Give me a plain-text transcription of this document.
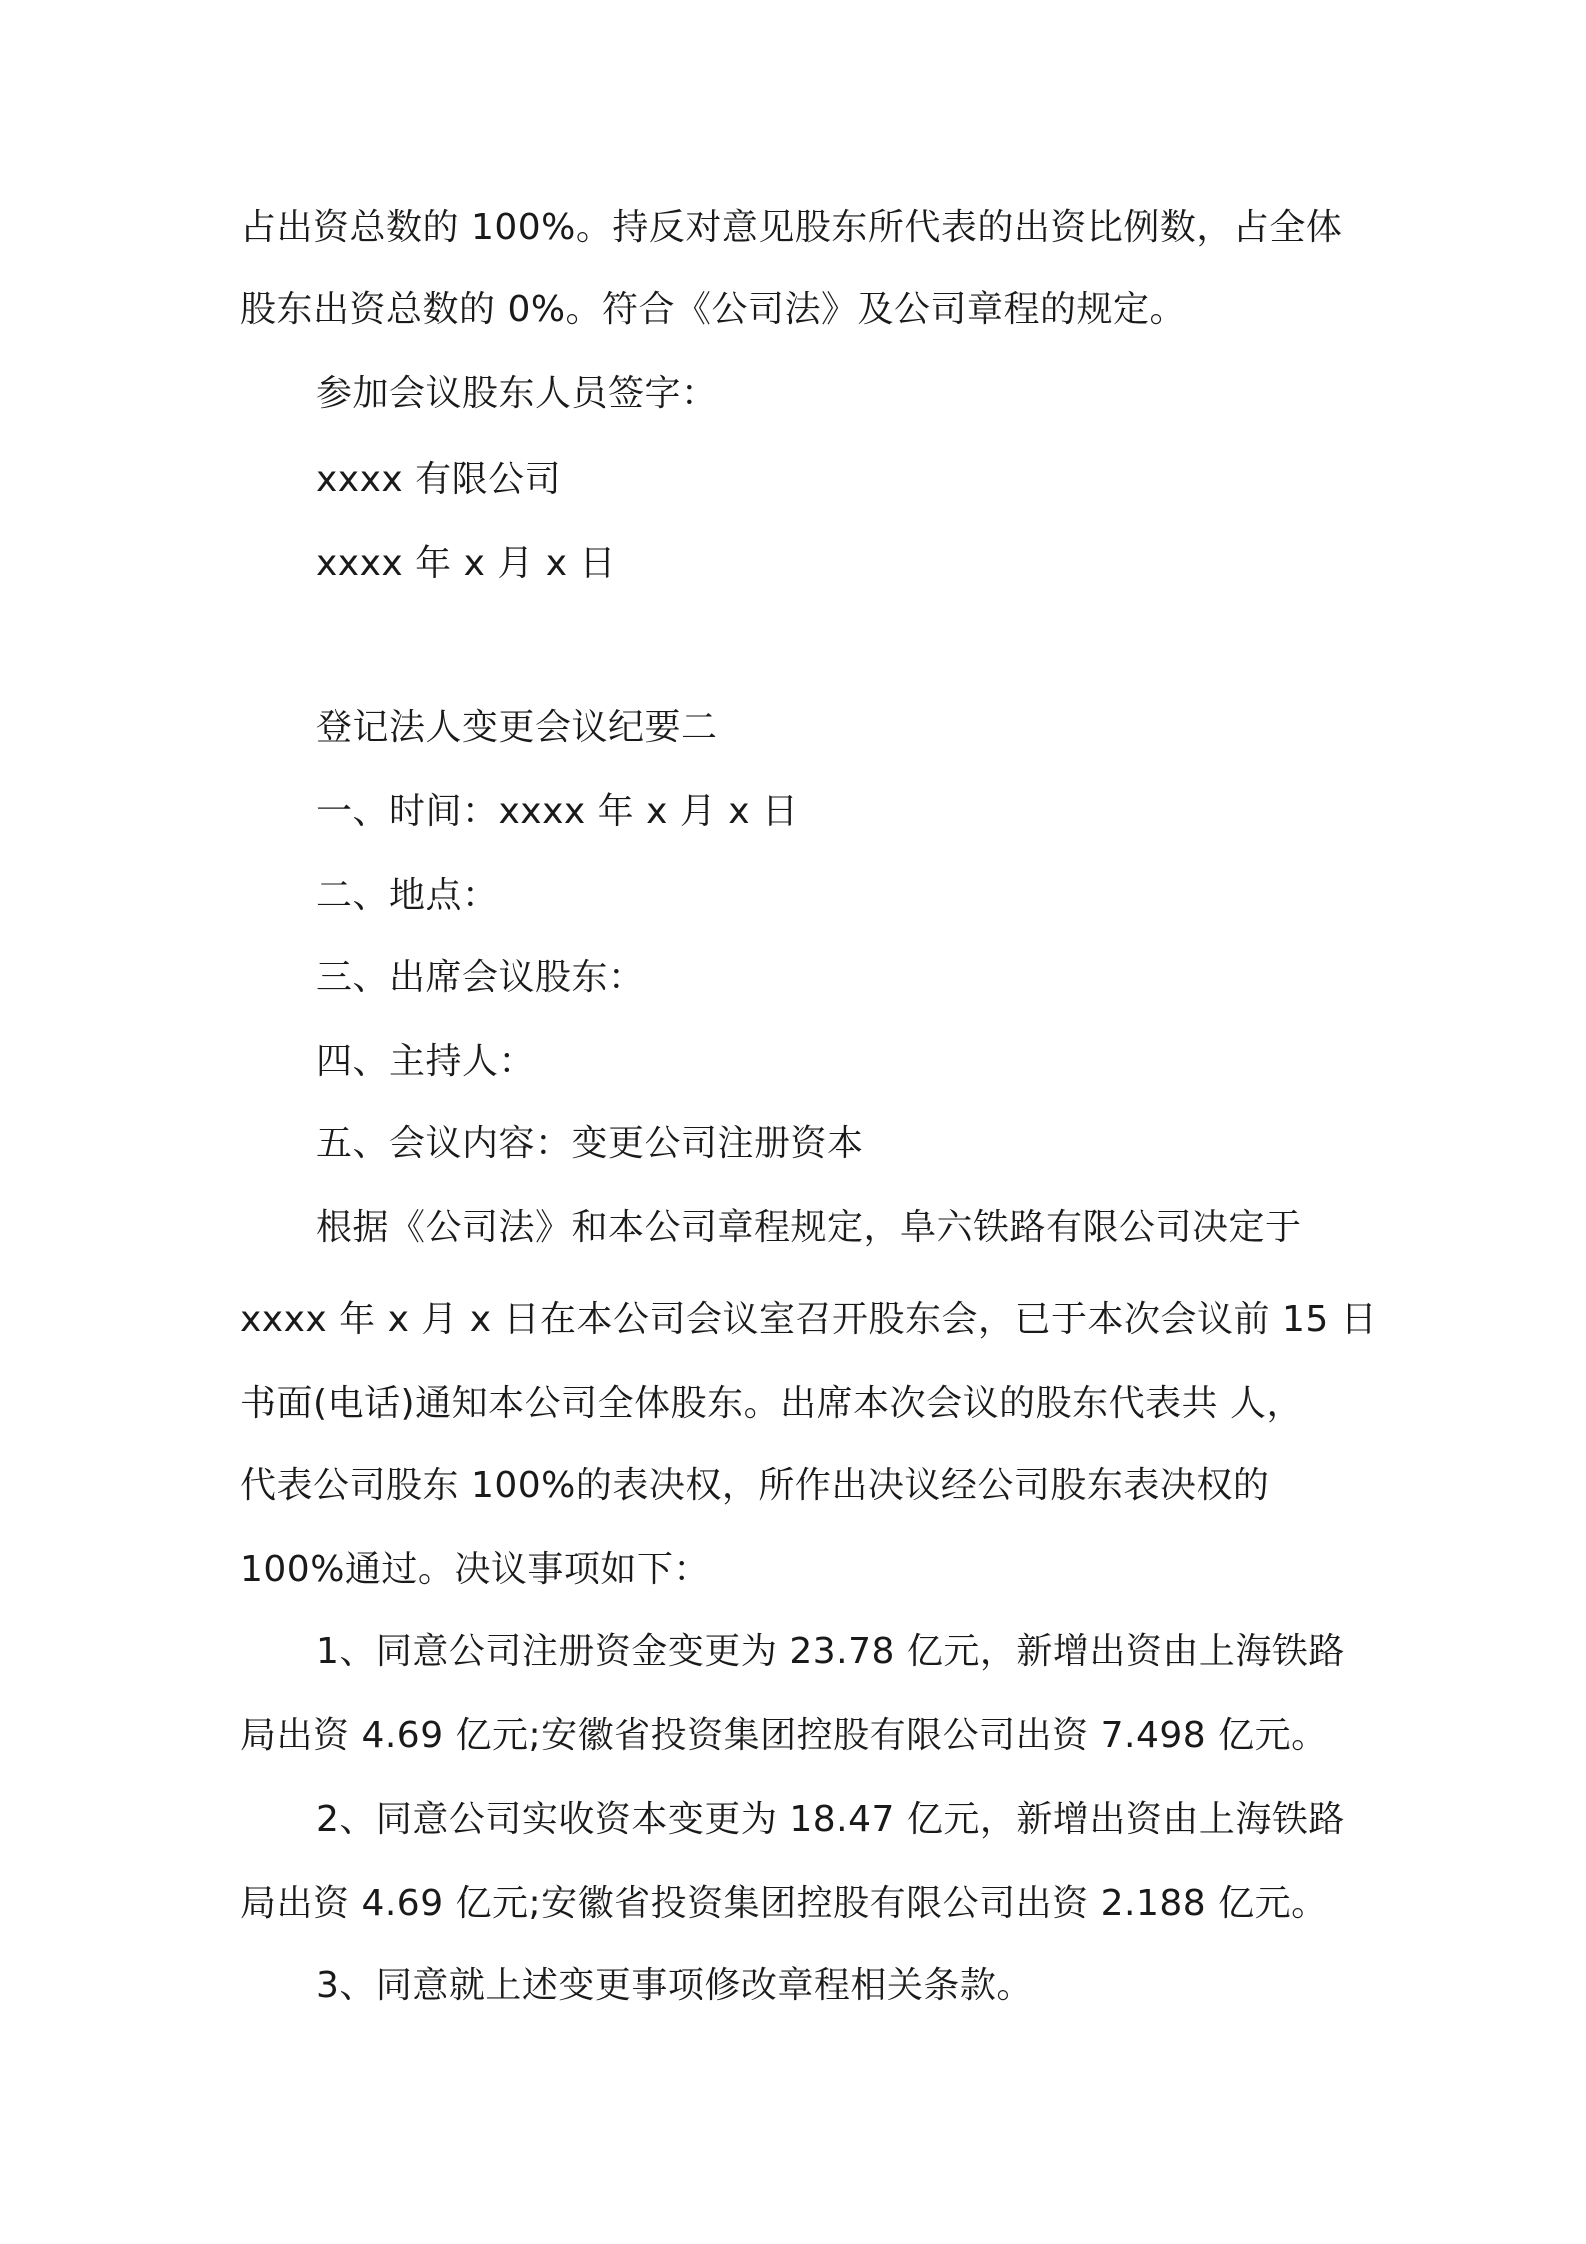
占出资总数的 100%。持反对意见股东所代表的出资比例数，占全体
股东出资总数的 0%。符合《公司法》及公司章程的规定。
参加会议股东人员签字：
xxxx 有限公司
xxxx 年 x 月 x 日
登记法人变更会议纪要二
一、时间：xxxx 年 x 月 x 日
二、地点：
三、出席会议股东：
四、主持人：
五、会议内容：变更公司注册资本
根据《公司法》和本公司章程规定，阜六铁路有限公司决定于
xxxx 年 x 月 x 日在本公司会议室召开股东会，已于本次会议前 15 日
书面(电话)通知本公司全体股东。出席本次会议的股东代表共 人，
代表公司股东 100%的表决权，所作出决议经公司股东表决权的
100%通过。决议事项如下：
1、同意公司注册资金变更为 23.78 亿元，新增出资由上海铁路
局出资 4.69 亿元;安徽省投资集团控股有限公司出资 7.498 亿元。
2、同意公司实收资本变更为 18.47 亿元，新增出资由上海铁路
局出资 4.69 亿元;安徽省投资集团控股有限公司出资 2.188 亿元。
3、同意就上述变更事项修改章程相关条款。
